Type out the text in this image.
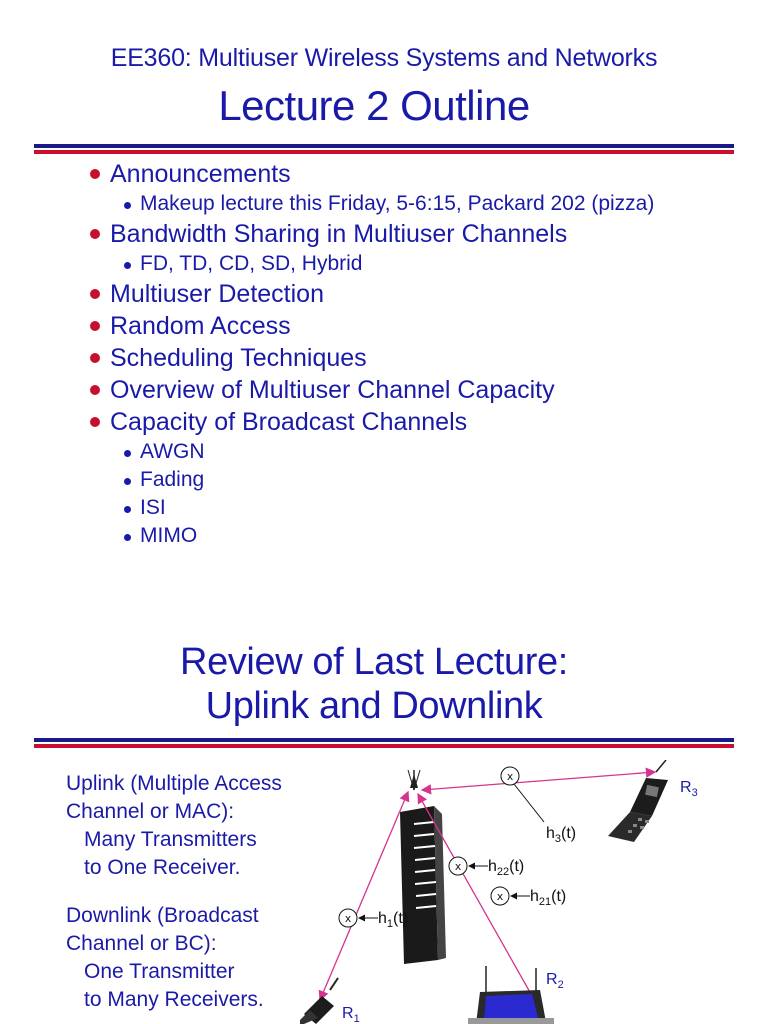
EE360: Multiuser Wireless Systems and Networks
Lecture 2 Outline
Announcements
Makeup lecture this Friday, 5-6:15, Packard 202 (pizza)
Bandwidth Sharing in Multiuser Channels
FD, TD, CD, SD, Hybrid
Multiuser Detection
Random Access
Scheduling Techniques
Overview of Multiuser Channel Capacity
Capacity of Broadcast Channels
AWGN
Fading
ISI
MIMO
Review of Last Lecture:
Uplink and Downlink
Uplink (Multiple Access
Channel or MAC):
Many Transmitters
to One Receiver.
Downlink (Broadcast
Channel or BC):
One Transmitter
to Many Receivers.
x
$h_3(t)$
x $h_{22}(t)$
x $h_{21}(t)$
x $h_1(t)$
$R_3$
$R_1$
$R_2$
